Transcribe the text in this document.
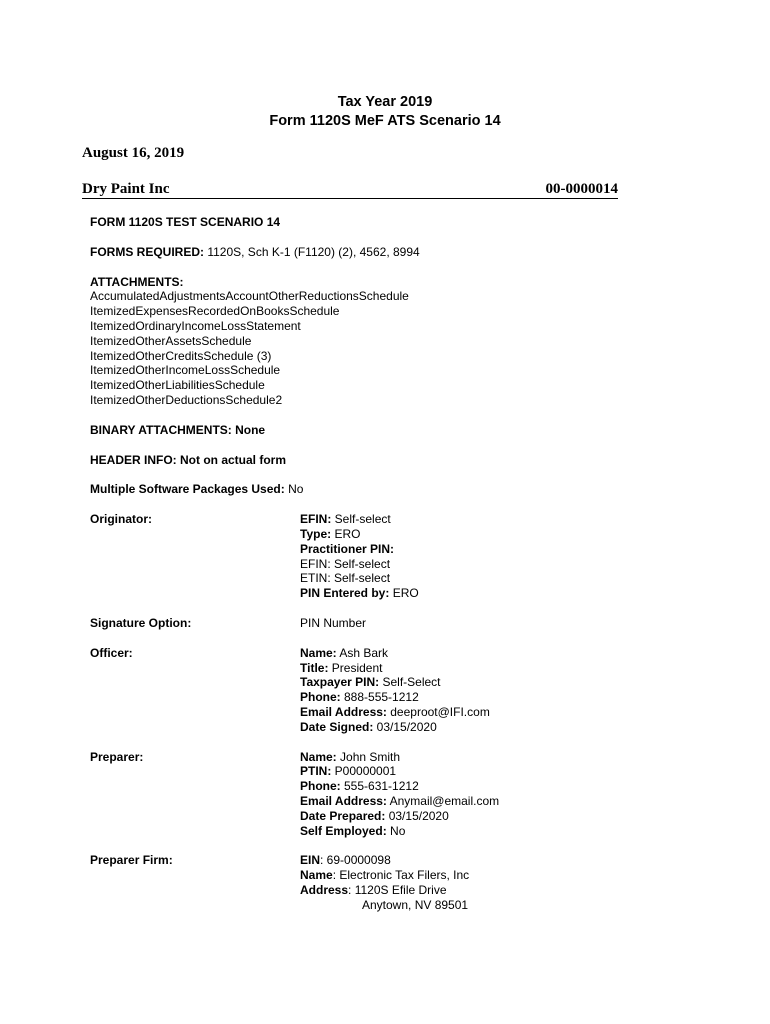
Tax Year 2019
Form 1120S MeF ATS Scenario 14
August 16, 2019
Dry Paint Inc	00-0000014
FORM 1120S TEST SCENARIO 14
FORMS REQUIRED: 1120S, Sch K-1 (F1120) (2), 4562, 8994
ATTACHMENTS:
AccumulatedAdjustmentsAccountOtherReductionsSchedule
ItemizedExpensesRecordedOnBooksSchedule
ItemizedOrdinaryIncomeLossStatement
ItemizedOtherAssetsSchedule
ItemizedOtherCreditsSchedule (3)
ItemizedOtherIncomeLossSchedule
ItemizedOtherLiabilitiesSchedule
ItemizedOtherDeductionsSchedule2
BINARY ATTACHMENTS: None
HEADER INFO: Not on actual form
Multiple Software Packages Used: No
Originator:	EFIN: Self-select
Type: ERO
Practitioner PIN:
EFIN: Self-select
ETIN: Self-select
PIN Entered by: ERO
Signature Option:	PIN Number
Officer:	Name: Ash Bark
Title: President
Taxpayer PIN: Self-Select
Phone: 888-555-1212
Email Address: deeproot@IFI.com
Date Signed: 03/15/2020
Preparer:	Name: John Smith
PTIN: P00000001
Phone: 555-631-1212
Email Address: Anymail@email.com
Date Prepared: 03/15/2020
Self Employed: No
Preparer Firm:	EIN: 69-0000098
Name: Electronic Tax Filers, Inc
Address: 1120S Efile Drive
Anytown, NV 89501
